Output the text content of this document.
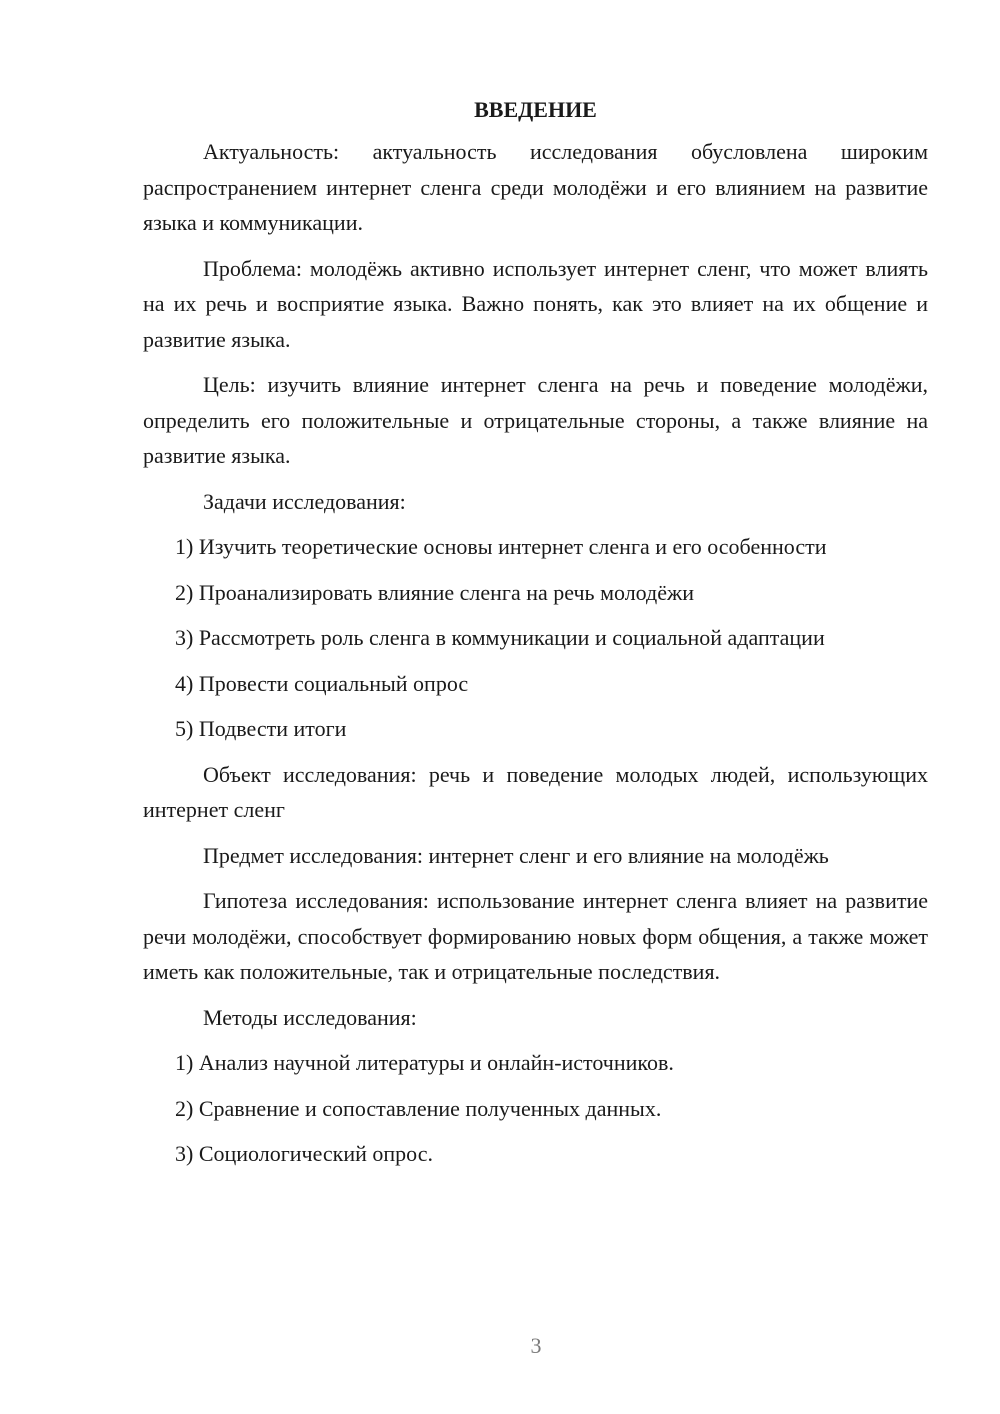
ВВЕДЕНИЕ

Актуальность: актуальность исследования обусловлена широким распространением интернет сленга среди молодёжи и его влиянием на развитие языка и коммуникации.

Проблема: молодёжь активно использует интернет сленг, что может влиять на их речь и восприятие языка. Важно понять, как это влияет на их общение и развитие языка.

Цель: изучить влияние интернет сленга на речь и поведение молодёжи, определить его положительные и отрицательные стороны, а также влияние на развитие языка.

Задачи исследования:

1) Изучить теоретические основы интернет сленга и его особенности
2) Проанализировать влияние сленга на речь молодёжи
3) Рассмотреть роль сленга в коммуникации и социальной адаптации
4) Провести социальный опрос
5) Подвести итоги

Объект исследования: речь и поведение молодых людей, использующих интернет сленг

Предмет исследования: интернет сленг и его влияние на молодёжь

Гипотеза исследования: использование интернет сленга влияет на развитие речи молодёжи, способствует формированию новых форм общения, а также может иметь как положительные, так и отрицательные последствия.

Методы исследования:

1) Анализ научной литературы и онлайн-источников.
2) Сравнение и сопоставление полученных данных.
3) Социологический опрос.
3
